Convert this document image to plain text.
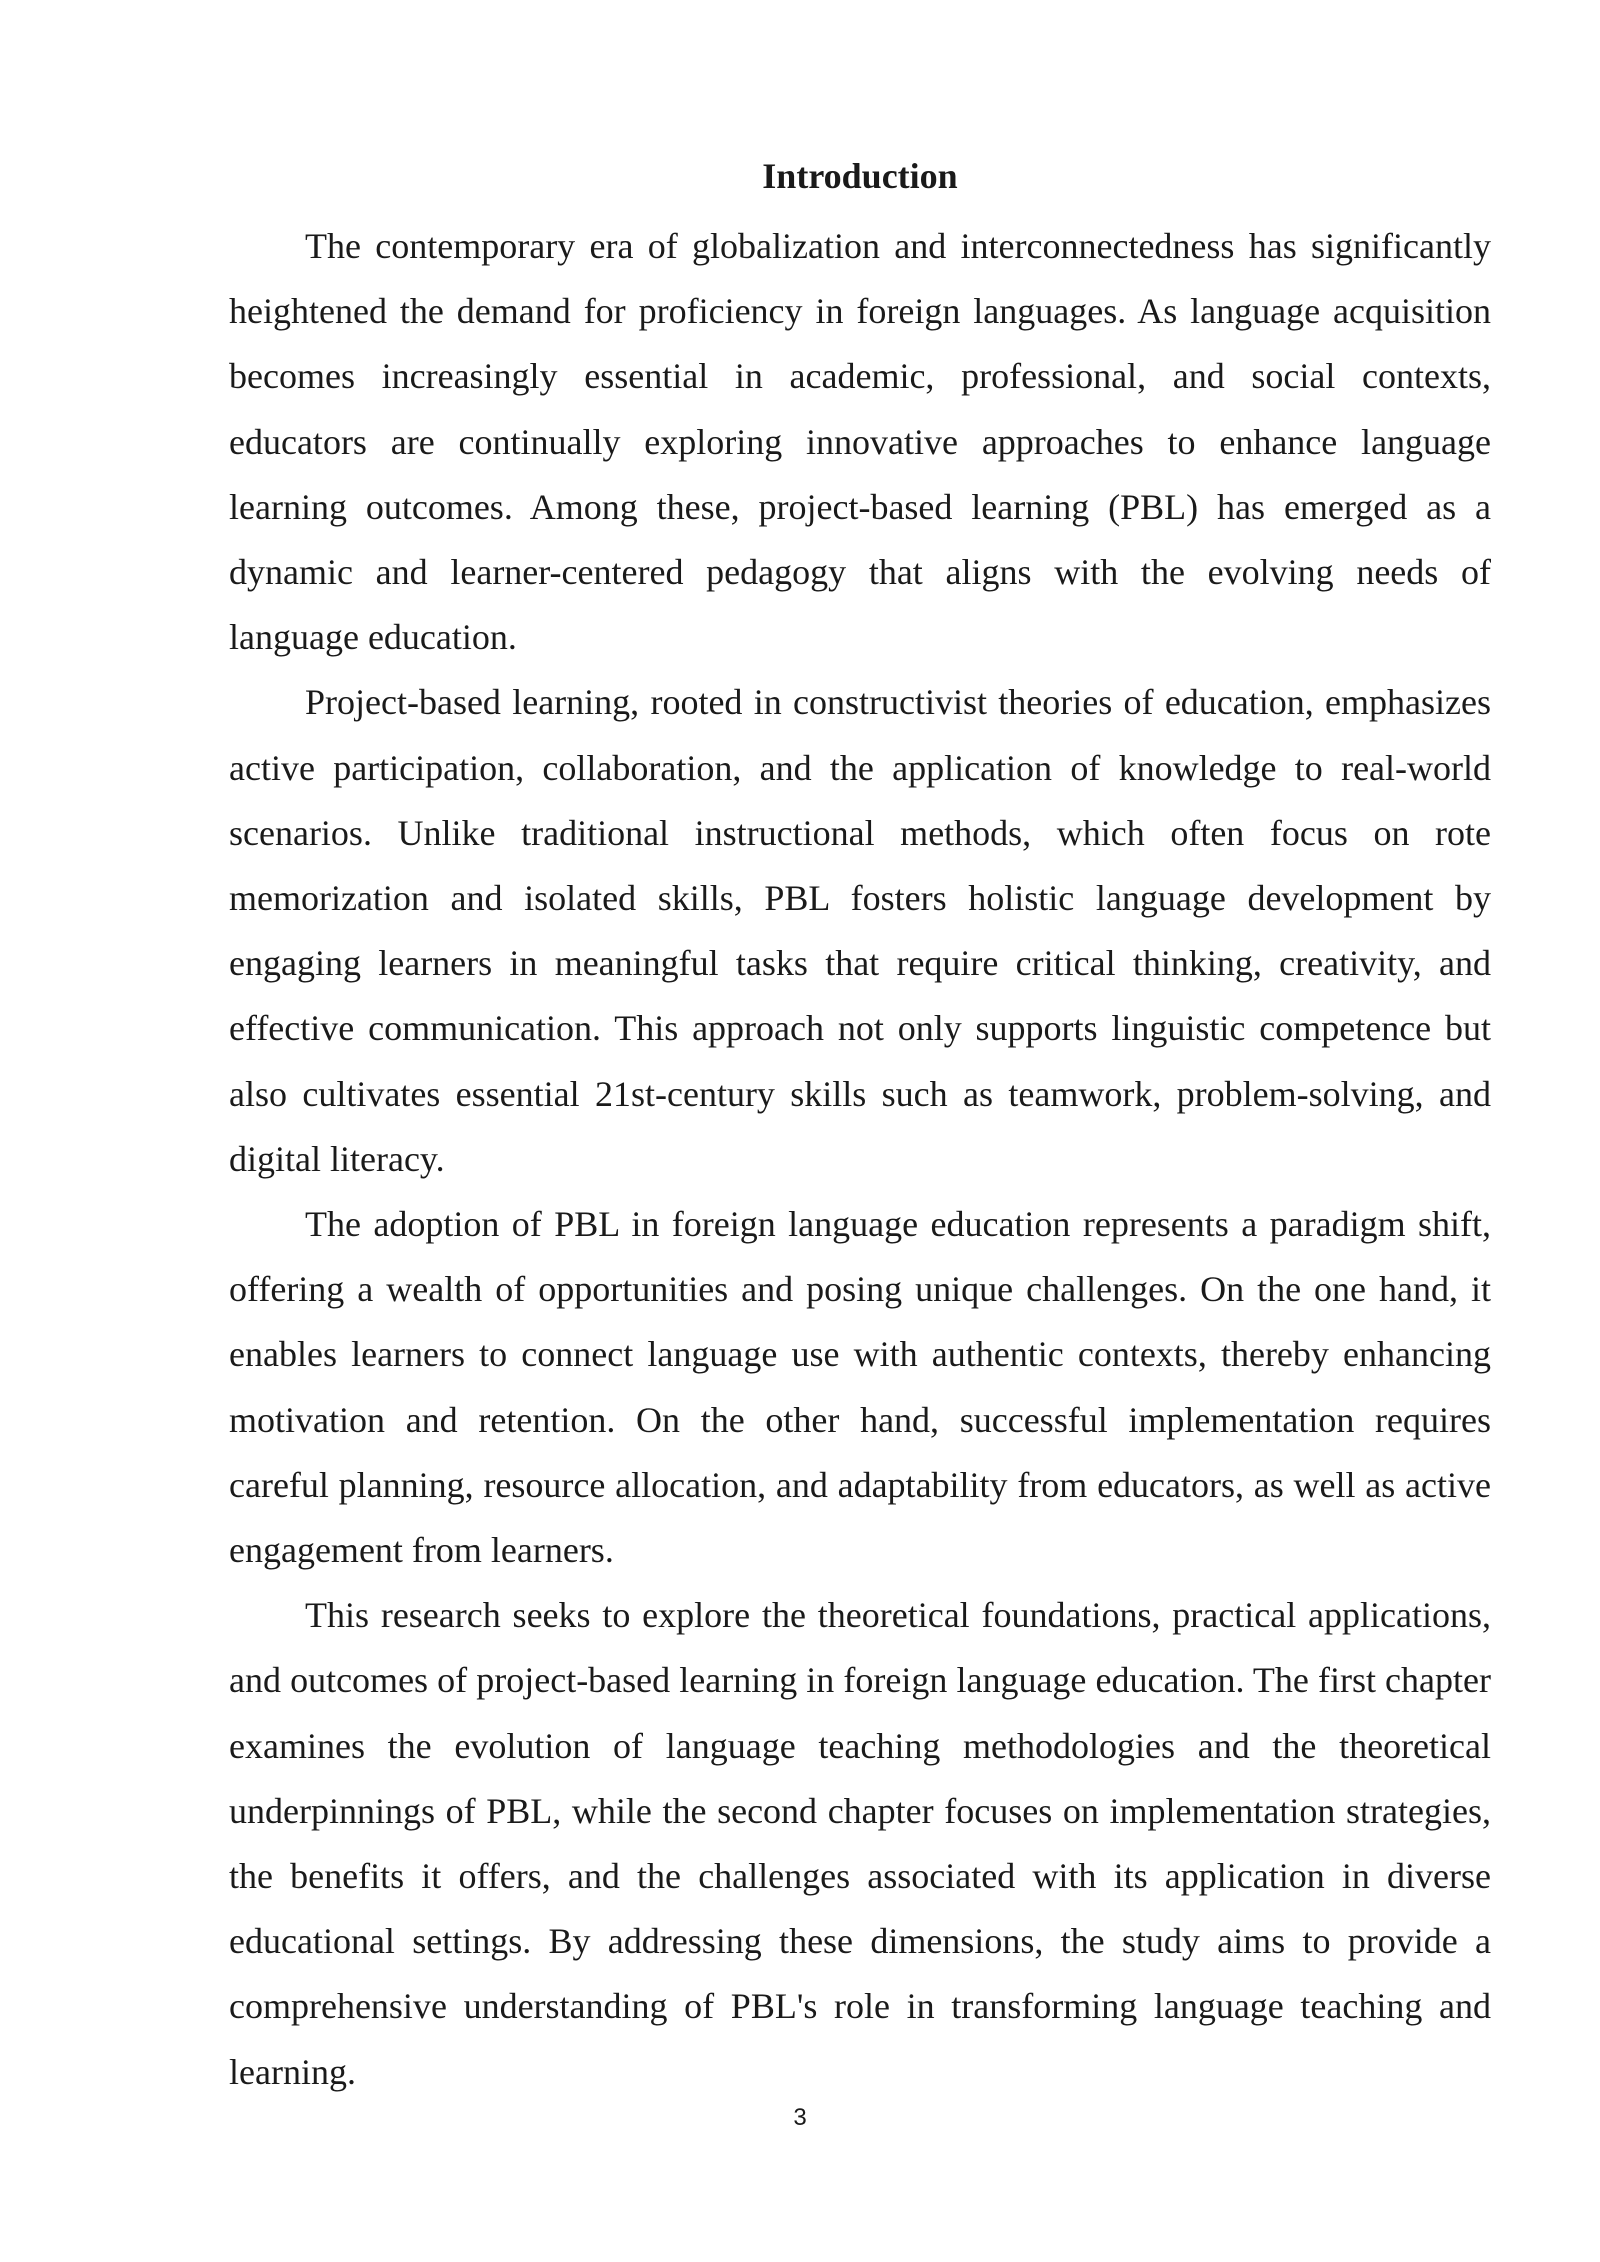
Introduction

The contemporary era of globalization and interconnectedness has significantly heightened the demand for proficiency in foreign languages. As language acquisition becomes increasingly essential in academic, professional, and social contexts, educators are continually exploring innovative approaches to enhance language learning outcomes. Among these, project-based learning (PBL) has emerged as a dynamic and learner-centered pedagogy that aligns with the evolving needs of language education.

Project-based learning, rooted in constructivist theories of education, emphasizes active participation, collaboration, and the application of knowledge to real-world scenarios. Unlike traditional instructional methods, which often focus on rote memorization and isolated skills, PBL fosters holistic language development by engaging learners in meaningful tasks that require critical thinking, creativity, and effective communication. This approach not only supports linguistic competence but also cultivates essential 21st-century skills such as teamwork, problem-solving, and digital literacy.

The adoption of PBL in foreign language education represents a paradigm shift, offering a wealth of opportunities and posing unique challenges. On the one hand, it enables learners to connect language use with authentic contexts, thereby enhancing motivation and retention. On the other hand, successful implementation requires careful planning, resource allocation, and adaptability from educators, as well as active engagement from learners.

This research seeks to explore the theoretical foundations, practical applications, and outcomes of project-based learning in foreign language education. The first chapter examines the evolution of language teaching methodologies and the theoretical underpinnings of PBL, while the second chapter focuses on implementation strategies, the benefits it offers, and the challenges associated with its application in diverse educational settings. By addressing these dimensions, the study aims to provide a comprehensive understanding of PBL's role in transforming language teaching and learning.

3
